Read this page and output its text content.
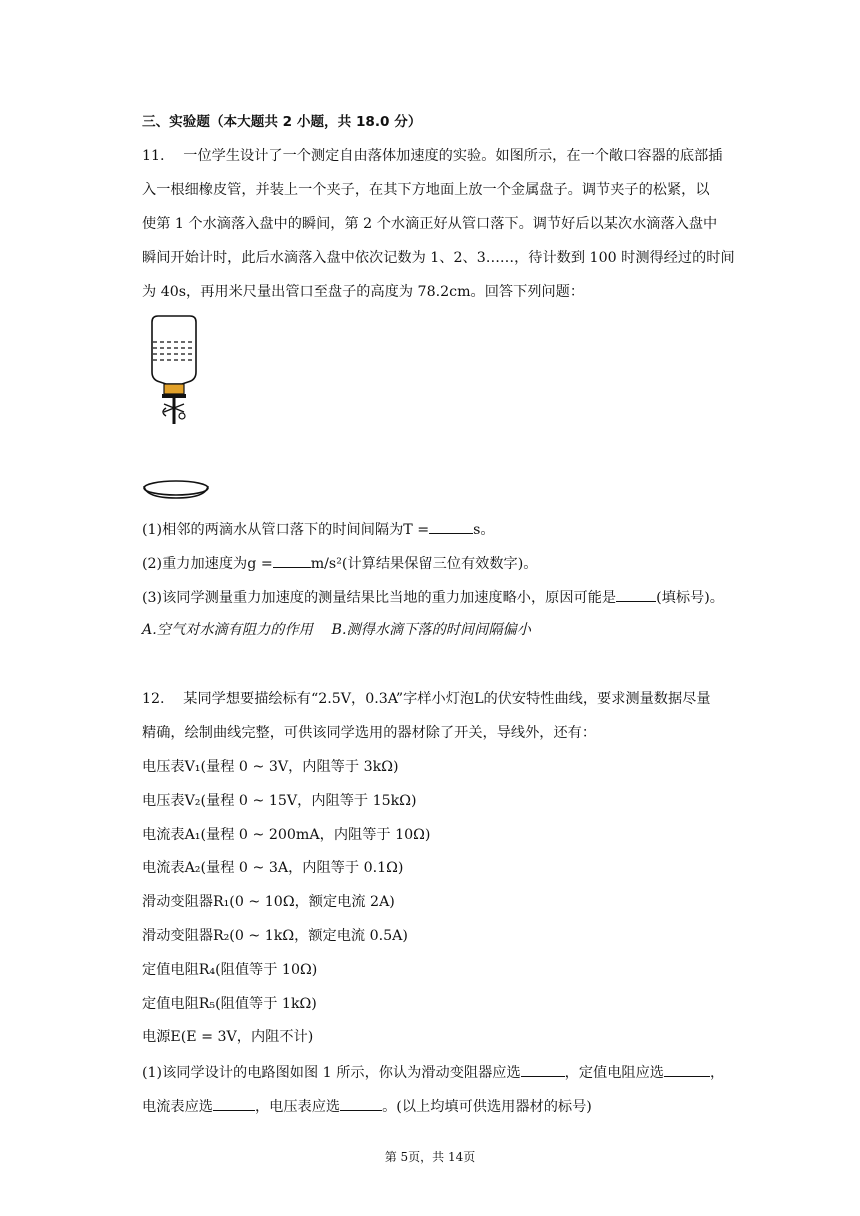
三、实验题（本大题共 2 小题，共 18.0 分）
11.　 一位学生设计了一个测定自由落体加速度的实验。如图所示，在一个敞口容器的底部插
入一根细橡皮管，并装上一个夹子，在其下方地面上放一个金属盘子。调节夹子的松紧，以
使第 1 个水滴落入盘中的瞬间，第 2 个水滴正好从管口落下。调节好后以某次水滴落入盘中
瞬间开始计时，此后水滴落入盘中依次记数为 1、2、3……，待计数到 100 时测得经过的时间
为 40s，再用米尺量出管口至盘子的高度为 78.2cm。回答下列问题：
(1)相邻的两滴水从管口落下的时间间隔为T =	s。
(2)重力加速度为g =	m/s²(计算结果保留三位有效数字)。
(3)该同学测量重力加速度的测量结果比当地的重力加速度略小，原因可能是	(填标号)。
A.空气对水滴有阻力的作用　 B.测得水滴下落的时间间隔偏小
12.　 某同学想要描绘标有“2.5V，0.3A”字样小灯泡L的伏安特性曲线，要求测量数据尽量
精确，绘制曲线完整，可供该同学选用的器材除了开关，导线外，还有：
电压表V₁(量程 0 ~ 3V，内阻等于 3kΩ)
电压表V₂(量程 0 ~ 15V，内阻等于 15kΩ)
电流表A₁(量程 0 ~ 200mA，内阻等于 10Ω)
电流表A₂(量程 0 ~ 3A，内阻等于 0.1Ω)
滑动变阻器R₁(0 ~ 10Ω，额定电流 2A)
滑动变阻器R₂(0 ~ 1kΩ，额定电流 0.5A)
定值电阻R₄(阻值等于 10Ω)
定值电阻R₅(阻值等于 1kΩ)
电源E(E = 3V，内阻不计)
(1)该同学设计的电路图如图 1 所示，你认为滑动变阻器应选	，定值电阻应选	，
电流表应选	，电压表应选	。(以上均填可供选用器材的标号)
第 5页，共 14页
